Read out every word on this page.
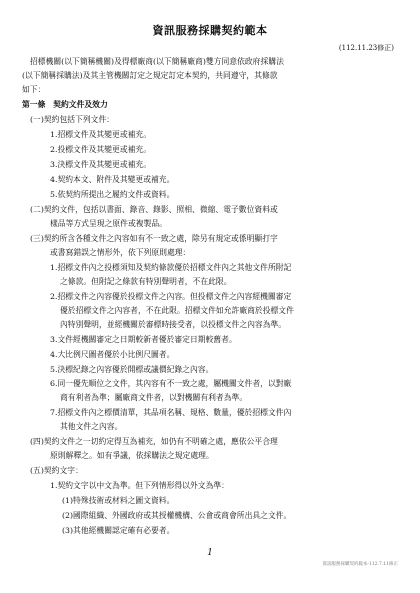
資訊服務採購契約範本
(112.11.23修正)
招標機關(以下簡稱機關)及得標廠商(以下簡稱廠商)雙方同意依政府採購法
(以下簡稱採購法)及其主管機關訂定之規定訂定本契約，共同遵守，其條款
如下：
第一條　契約文件及效力
(一)契約包括下列文件：
1.招標文件及其變更或補充。
2.投標文件及其變更或補充。
3.決標文件及其變更或補充。
4.契約本文、附件及其變更或補充。
5.依契約所提出之履約文件或資料。
(二)契約文件，包括以書面、錄音、錄影、照相、微縮、電子數位資料或
樣品等方式呈現之原件或複製品。
(三)契約所含各種文件之內容如有不一致之處，除另有規定或係明顯打字
或書寫錯誤之情形外，依下列原則處理：
1.招標文件內之投標須知及契約條款優於招標文件內之其他文件所附記
之條款。但附記之條款有特別聲明者，不在此限。
2.招標文件之內容優於投標文件之內容。但投標文件之內容經機關審定
優於招標文件之內容者，不在此限。招標文件如允許廠商於投標文件
內特別聲明，並經機關於審標時接受者，以投標文件之內容為準。
3.文件經機關審定之日期較新者優於審定日期較舊者。
4.大比例尺圖者優於小比例尺圖者。
5.決標紀錄之內容優於開標或議價紀錄之內容。
6.同一優先順位之文件，其內容有不一致之處，屬機關文件者，以對廠
商有利者為準；屬廠商文件者，以對機關有利者為準。
7.招標文件內之標價清單，其品項名稱、規格、數量，優於招標文件內
其他文件之內容。
(四)契約文件之一切約定得互為補充，如仍有不明確之處，應依公平合理
原則解釋之。如有爭議，依採購法之規定處理。
(五)契約文字：
1.契約文字以中文為準。但下列情形得以外文為準：
(1)特殊技術或材料之圖文資料。
(2)國際組織、外國政府或其授權機構、公會或商會所出具之文件。
(3)其他經機關認定確有必要者。
1
資訊服務採購契約範本-112.7.11修正
